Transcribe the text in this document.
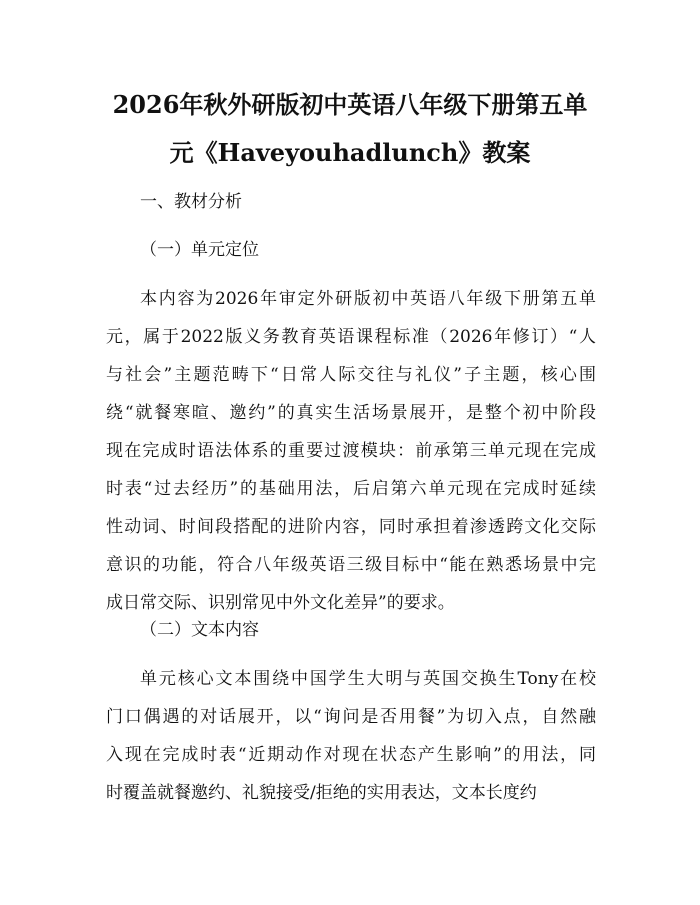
2026年秋外研版初中英语八年级下册第五单
元《Haveyouhadlunch》教案
一、教材分析
（一）单元定位
本内容为2026年审定外研版初中英语八年级下册第五单
元，属于2022版义务教育英语课程标准（2026年修订）“人
与社会”主题范畴下“日常人际交往与礼仪”子主题，核心围
绕“就餐寒暄、邀约”的真实生活场景展开，是整个初中阶段
现在完成时语法体系的重要过渡模块：前承第三单元现在完成
时表“过去经历”的基础用法，后启第六单元现在完成时延续
性动词、时间段搭配的进阶内容，同时承担着渗透跨文化交际
意识的功能，符合八年级英语三级目标中“能在熟悉场景中完
成日常交际、识别常见中外文化差异”的要求。
（二）文本内容
单元核心文本围绕中国学生大明与英国交换生Tony在校
门口偶遇的对话展开，以“询问是否用餐”为切入点，自然融
入现在完成时表“近期动作对现在状态产生影响”的用法，同
时覆盖就餐邀约、礼貌接受/拒绝的实用表达，文本长度约
